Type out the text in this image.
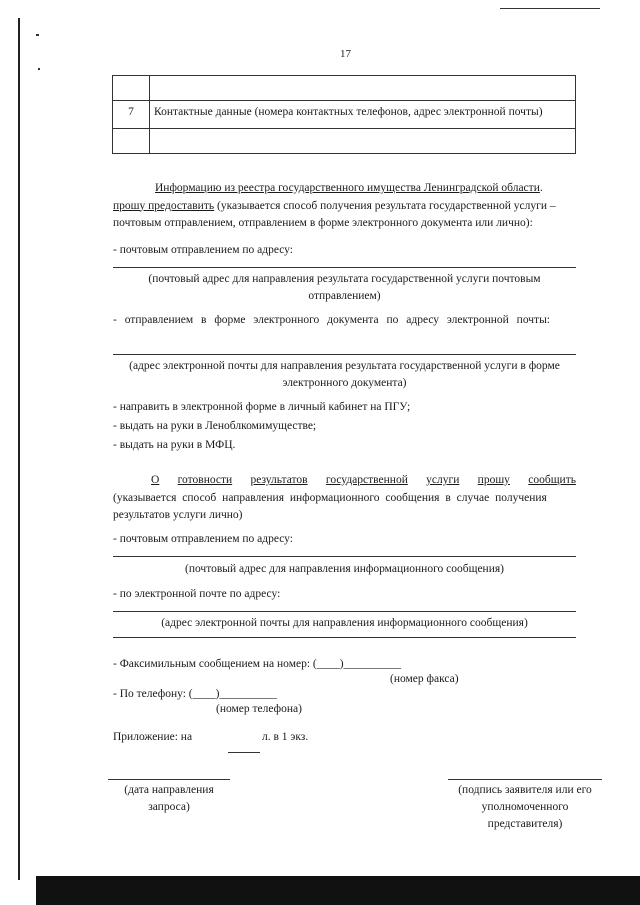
17

7	Контактные данные (номера контактных телефонов, адрес электронной почты)

Информацию из реестра государственного имущества Ленинградской области.
прошу предоставить (указывается способ получения результата государственной услуги –
почтовым отправлением, отправлением в форме электронного документа или лично):
- почтовым отправлением по адресу:
(почтовый адрес для направления результата государственной услуги почтовым
отправлением)
- отправлением в форме электронного документа по адресу электронной почты:
(адрес электронной почты для направления результата государственной услуги в форме
электронного документа)
- направить в электронной форме в личный кабинет на ПГУ;
- выдать на руки в Леноблкомимуществе;
- выдать на руки в МФЦ.
О готовности результатов государственной услуги прошу сообщить
(указывается способ направления информационного сообщения в случае получения
результатов услуги лично)
- почтовым отправлением по адресу:
(почтовый адрес для направления информационного сообщения)
- по электронной почте по адресу:
(адрес электронной почты для направления информационного сообщения)
- Факсимильным сообщением на номер: (____)__________
(номер факса)
- По телефону: (____)__________
(номер телефона)
Приложение: на	л. в 1 экз.
(дата направления
запроса)
(подпись заявителя или его
уполномоченного
представителя)
